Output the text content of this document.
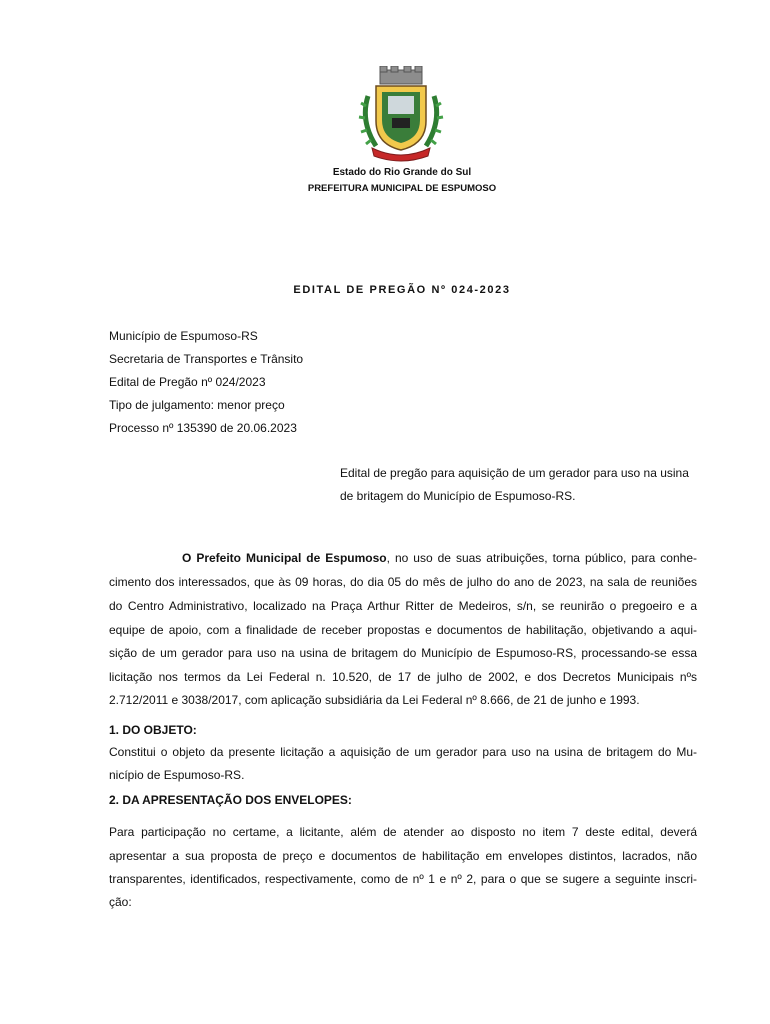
Estado do Rio Grande do Sul
PREFEITURA MUNICIPAL DE ESPUMOSO
EDITAL DE PREGÃO Nº 024-2023
Município de Espumoso-RS
Secretaria de Transportes e Trânsito
Edital de Pregão nº 024/2023
Tipo de julgamento: menor preço
Processo nº 135390 de 20.06.2023
Edital de pregão para aquisição de um gerador para uso na usina
de britagem do Município de Espumoso-RS.
O Prefeito Municipal de Espumoso, no uso de suas atribuições, torna público, para conhe-
cimento dos interessados, que às 09 horas, do dia 05 do mês de julho do ano de 2023, na sala de reuniões
do Centro Administrativo, localizado na Praça Arthur Ritter de Medeiros, s/n, se reunirão o pregoeiro e a
equipe de apoio, com a finalidade de receber propostas e documentos de habilitação, objetivando a aqui-
sição de um gerador para uso na usina de britagem do Município de Espumoso-RS, processando-se essa
licitação nos termos da Lei Federal n. 10.520, de 17 de julho de 2002, e dos Decretos Municipais nºs
2.712/2011 e 3038/2017, com aplicação subsidiária da Lei Federal nº 8.666, de 21 de junho e 1993.
1. DO OBJETO:
Constitui o objeto da presente licitação a aquisição de um gerador para uso na usina de britagem do Mu-
nicípio de Espumoso-RS.
2. DA APRESENTAÇÃO DOS ENVELOPES:
Para participação no certame, a licitante, além de atender ao disposto no item 7 deste edital, deverá
apresentar a sua proposta de preço e documentos de habilitação em envelopes distintos, lacrados, não
transparentes, identificados, respectivamente, como de nº 1 e nº 2, para o que se sugere a seguinte inscri-
ção:
